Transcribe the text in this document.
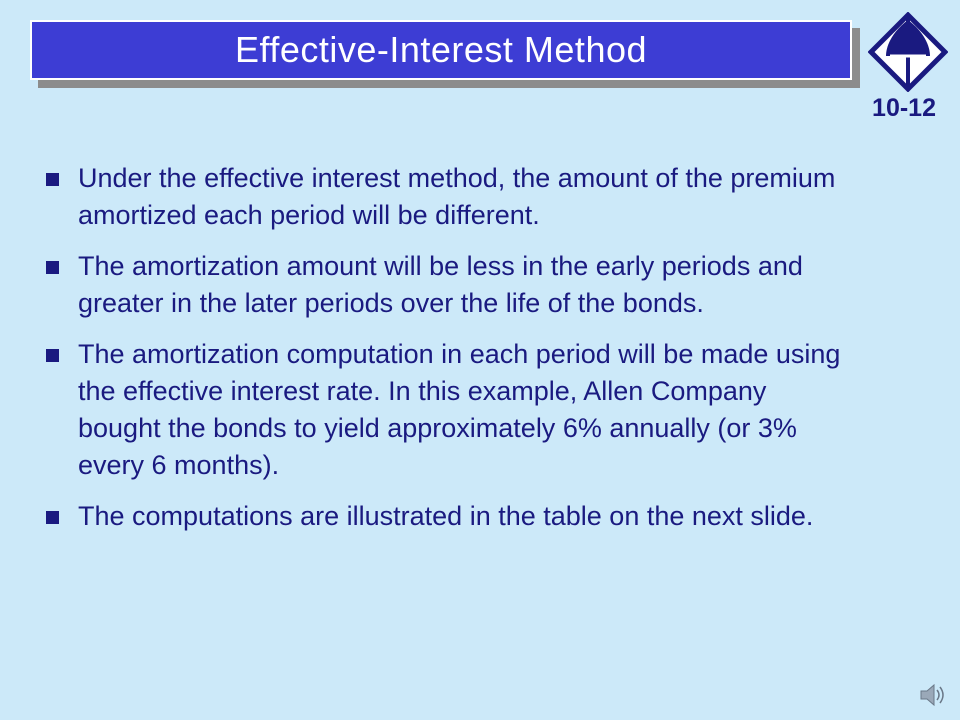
Effective-Interest Method
10-12
Under the effective interest method, the amount of the premium amortized each period will be different.
The amortization amount will be less in the early periods and greater in the later periods over the life of the bonds.
The amortization computation in each period will be made using the effective interest rate. In this example, Allen Company bought the bonds to yield approximately 6% annually (or 3% every 6 months).
The computations are illustrated in the table on the next slide.
